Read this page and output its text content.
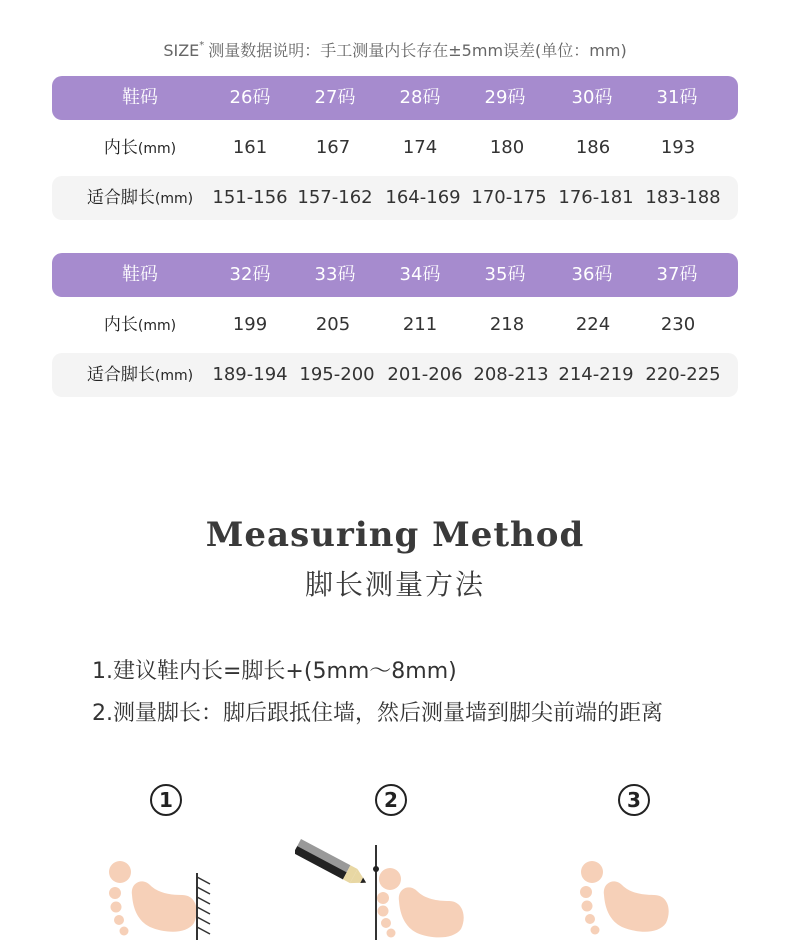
SIZE* 测量数据说明：手工测量内长存在±5mm误差(单位：mm)
鞋码	26码	27码	28码	29码	30码	31码
内长(mm)	161	167	174	180	186	193
适合脚长(mm)	151-156 157-162 164-169 170-175 176-181 183-188
鞋码	32码	33码	34码	35码	36码	37码
内长(mm)	199	205	211	218	224	230
适合脚长(mm)	189-194 195-200 201-206 208-213 214-219 220-225
Measuring Method
脚长测量方法
1.建议鞋内长=脚长+(5mm～8mm)
2.测量脚长：脚后跟抵住墙，然后测量墙到脚尖前端的距离
1	2	3
